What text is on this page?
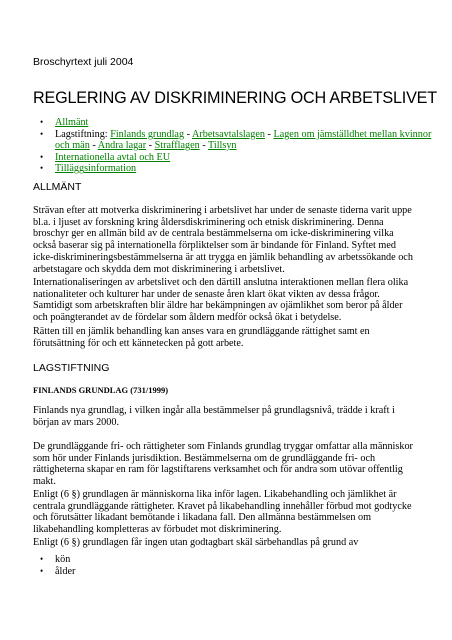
Broschyrtext juli 2004
REGLERING AV DISKRIMINERING OCH ARBETSLIVET
• Allmänt
• Lagstiftning: Finlands grundlag - Arbetsavtalslagen - Lagen om jämställdhet mellan kvinnor och män - Andra lagar - Strafflagen - Tillsyn
• Internationella avtal och EU
• Tilläggsinformation
ALLMÄNT

Strävan efter att motverka diskriminering i arbetslivet har under de senaste tiderna varit uppe bl.a. i ljuset av forskning kring åldersdiskriminering och etnisk diskriminering. Denna broschyr ger en allmän bild av de centrala bestämmelserna om icke-diskriminering vilka också baserar sig på internationella förpliktelser som är bindande för Finland. Syftet med icke-diskrimineringsbestämmelserna är att trygga en jämlik behandling av arbetssökande och arbetstagare och skydda dem mot diskriminering i arbetslivet.

Internationaliseringen av arbetslivet och den därtill anslutna interaktionen mellan flera olika nationaliteter och kulturer har under de senaste åren klart ökat vikten av dessa frågor. Samtidigt som arbetskraften blir äldre har bekämpningen av ojämlikhet som beror på ålder och poängterandet av de fördelar som åldern medför också ökat i betydelse.

Rätten till en jämlik behandling kan anses vara en grundläggande rättighet samt en förutsättning för och ett kännetecken på gott arbete.

LAGSTIFTNING
FINLANDS GRUNDLAG (731/1999)

Finlands nya grundlag, i vilken ingår alla bestämmelser på grundlagsnivå, trädde i kraft i början av mars 2000.

De grundläggande fri- och rättigheter som Finlands grundlag tryggar omfattar alla människor som hör under Finlands jurisdiktion. Bestämmelserna om de grundläggande fri- och rättigheterna skapar en ram för lagstiftarens verksamhet och för andra som utövar offentlig makt.

Enligt (6 §) grundlagen är människorna lika inför lagen. Likabehandling och jämlikhet är centrala grundläggande rättigheter. Kravet på likabehandling innehåller förbud mot godtycke och förutsätter likadant bemötande i likadana fall. Den allmänna bestämmelsen om likabehandling kompletteras av förbudet mot diskriminering.

Enligt (6 §) grundlagen får ingen utan godtagbart skäl särbehandlas på grund av

• kön
• ålder
